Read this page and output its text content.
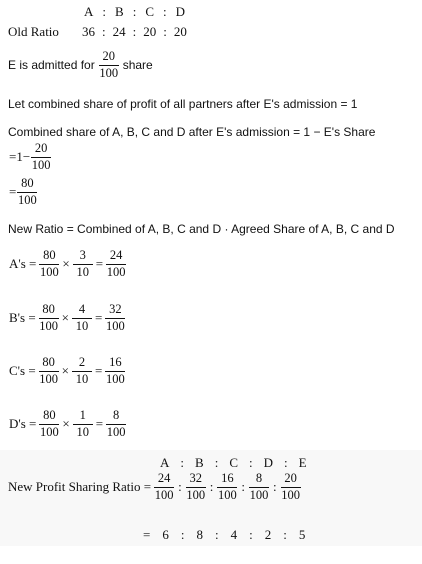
A : B : C : D
Old Ratio 36 : 24 : 20 : 20
E is admitted for $\frac{20}{100}$ share
Let combined share of profit of all partners after E's admission = 1
Combined share of A, B, C and D after E's admission = 1 − E's Share
$=1- \frac{20}{100}$
= $\frac{80}{100}$
New Ratio = Combined of A, B, C and D · Agreed Share of A, B, C and D
$A's = \frac{80}{100} \times \frac{3}{10} = \frac{24}{100}$
$B's = \frac{80}{100} \times \frac{4}{10} = \frac{32}{100}$
$C's = \frac{80}{100} \times \frac{2}{10} = \frac{16}{100}$
$D's = \frac{80}{100} \times \frac{1}{10} = \frac{8}{100}$
A : B : C : D : E
New Profit Sharing Ratio = $\frac{24}{100}$ : $\frac{32}{100}$ : $\frac{16}{100}$ : $\frac{8}{100}$ : $\frac{20}{100}$
= 6 : 8 : 4 : 2 : 5
